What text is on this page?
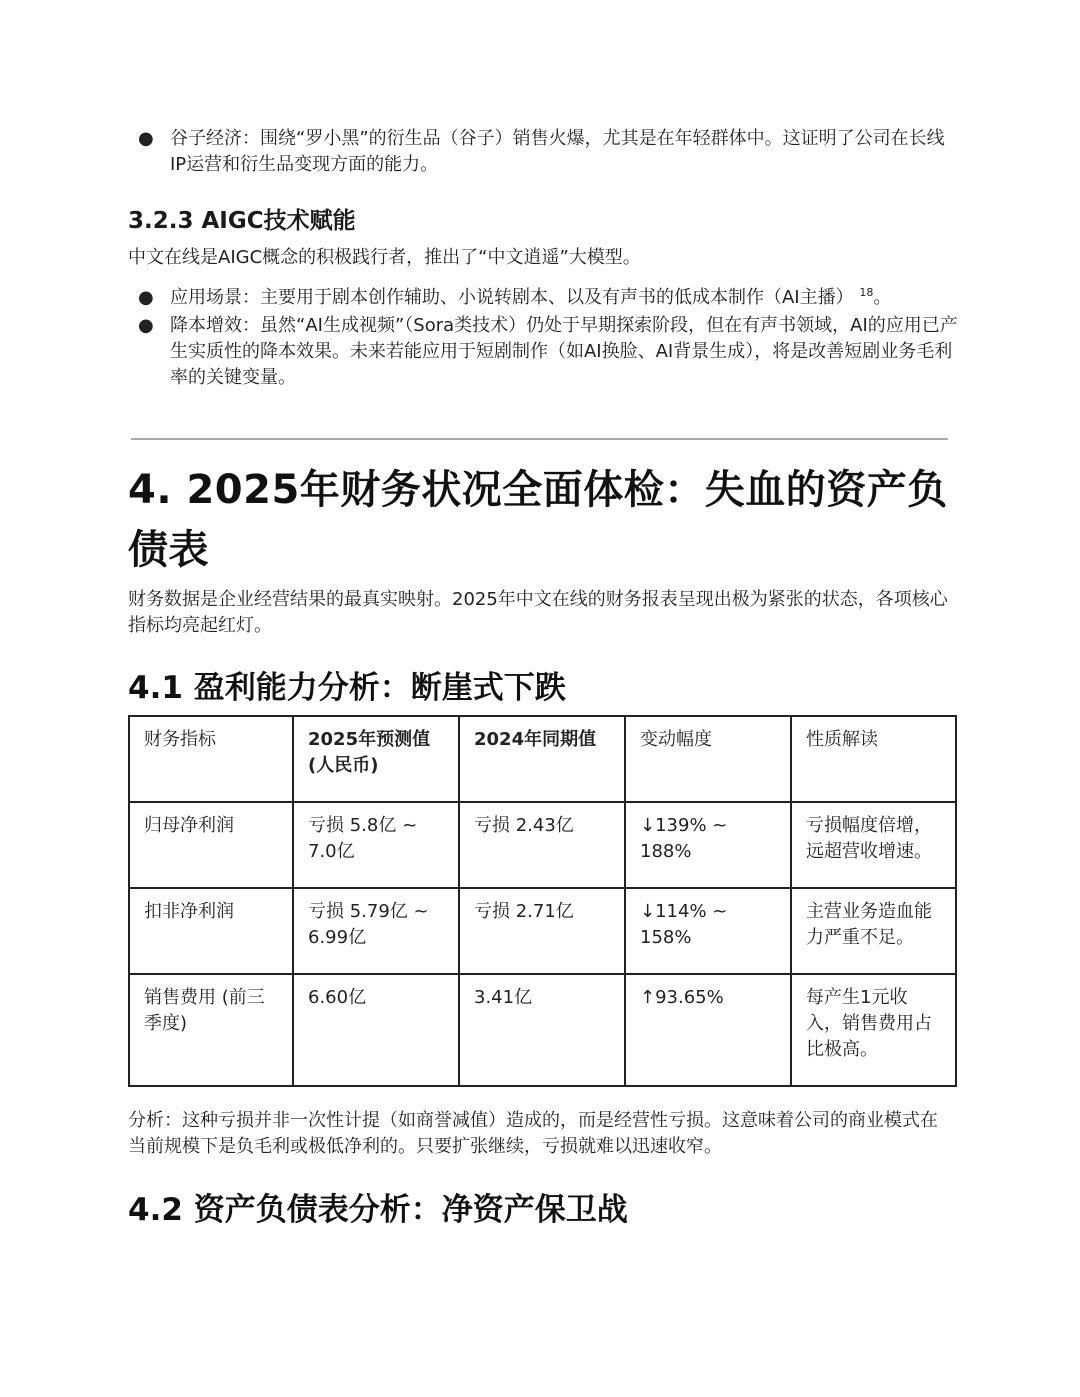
● 谷子经济：围绕“罗小黑”的衍生品（谷子）销售火爆，尤其是在年轻群体中。这证明了公司在长线IP运营和衍生品变现方面的能力。
3.2.3 AIGC技术赋能
中文在线是AIGC概念的积极践行者，推出了“中文逍遥”大模型。
● 应用场景：主要用于剧本创作辅助、小说转剧本、以及有声书的低成本制作（AI主播） $^{18}$。
● 降本增效：虽然“AI生成视频”（Sora类技术）仍处于早期探索阶段，但在有声书领域，AI的应用已产生实质性的降本效果。未来若能应用于短剧制作（如AI换脸、AI背景生成），将是改善短剧业务毛利率的关键变量。
4. 2025年财务状况全面体检：失血的资产负债表
财务数据是企业经营结果的最真实映射。2025年中文在线的财务报表呈现出极为紧张的状态，各项核心指标均亮起红灯。
4.1 盈利能力分析：断崖式下跌
财务指标	2025年预测值 (人民币)	2024年同期值	变动幅度	性质解读
归母净利润	亏损 5.8亿 ~ 7.0亿	亏损 2.43亿	↓139% ~ 188%	亏损幅度倍增，远超营收增速。
扣非净利润	亏损 5.79亿 ~ 6.99亿	亏损 2.71亿	↓114% ~ 158%	主营业务造血能力严重不足。
销售费用 (前三季度)	6.60亿	3.41亿	↑93.65%	每产生1元收入，销售费用占比极高。
分析：这种亏损并非一次性计提（如商誉减值）造成的，而是经营性亏损。这意味着公司的商业模式在当前规模下是负毛利或极低净利的。只要扩张继续，亏损就难以迅速收窄。
4.2 资产负债表分析：净资产保卫战
